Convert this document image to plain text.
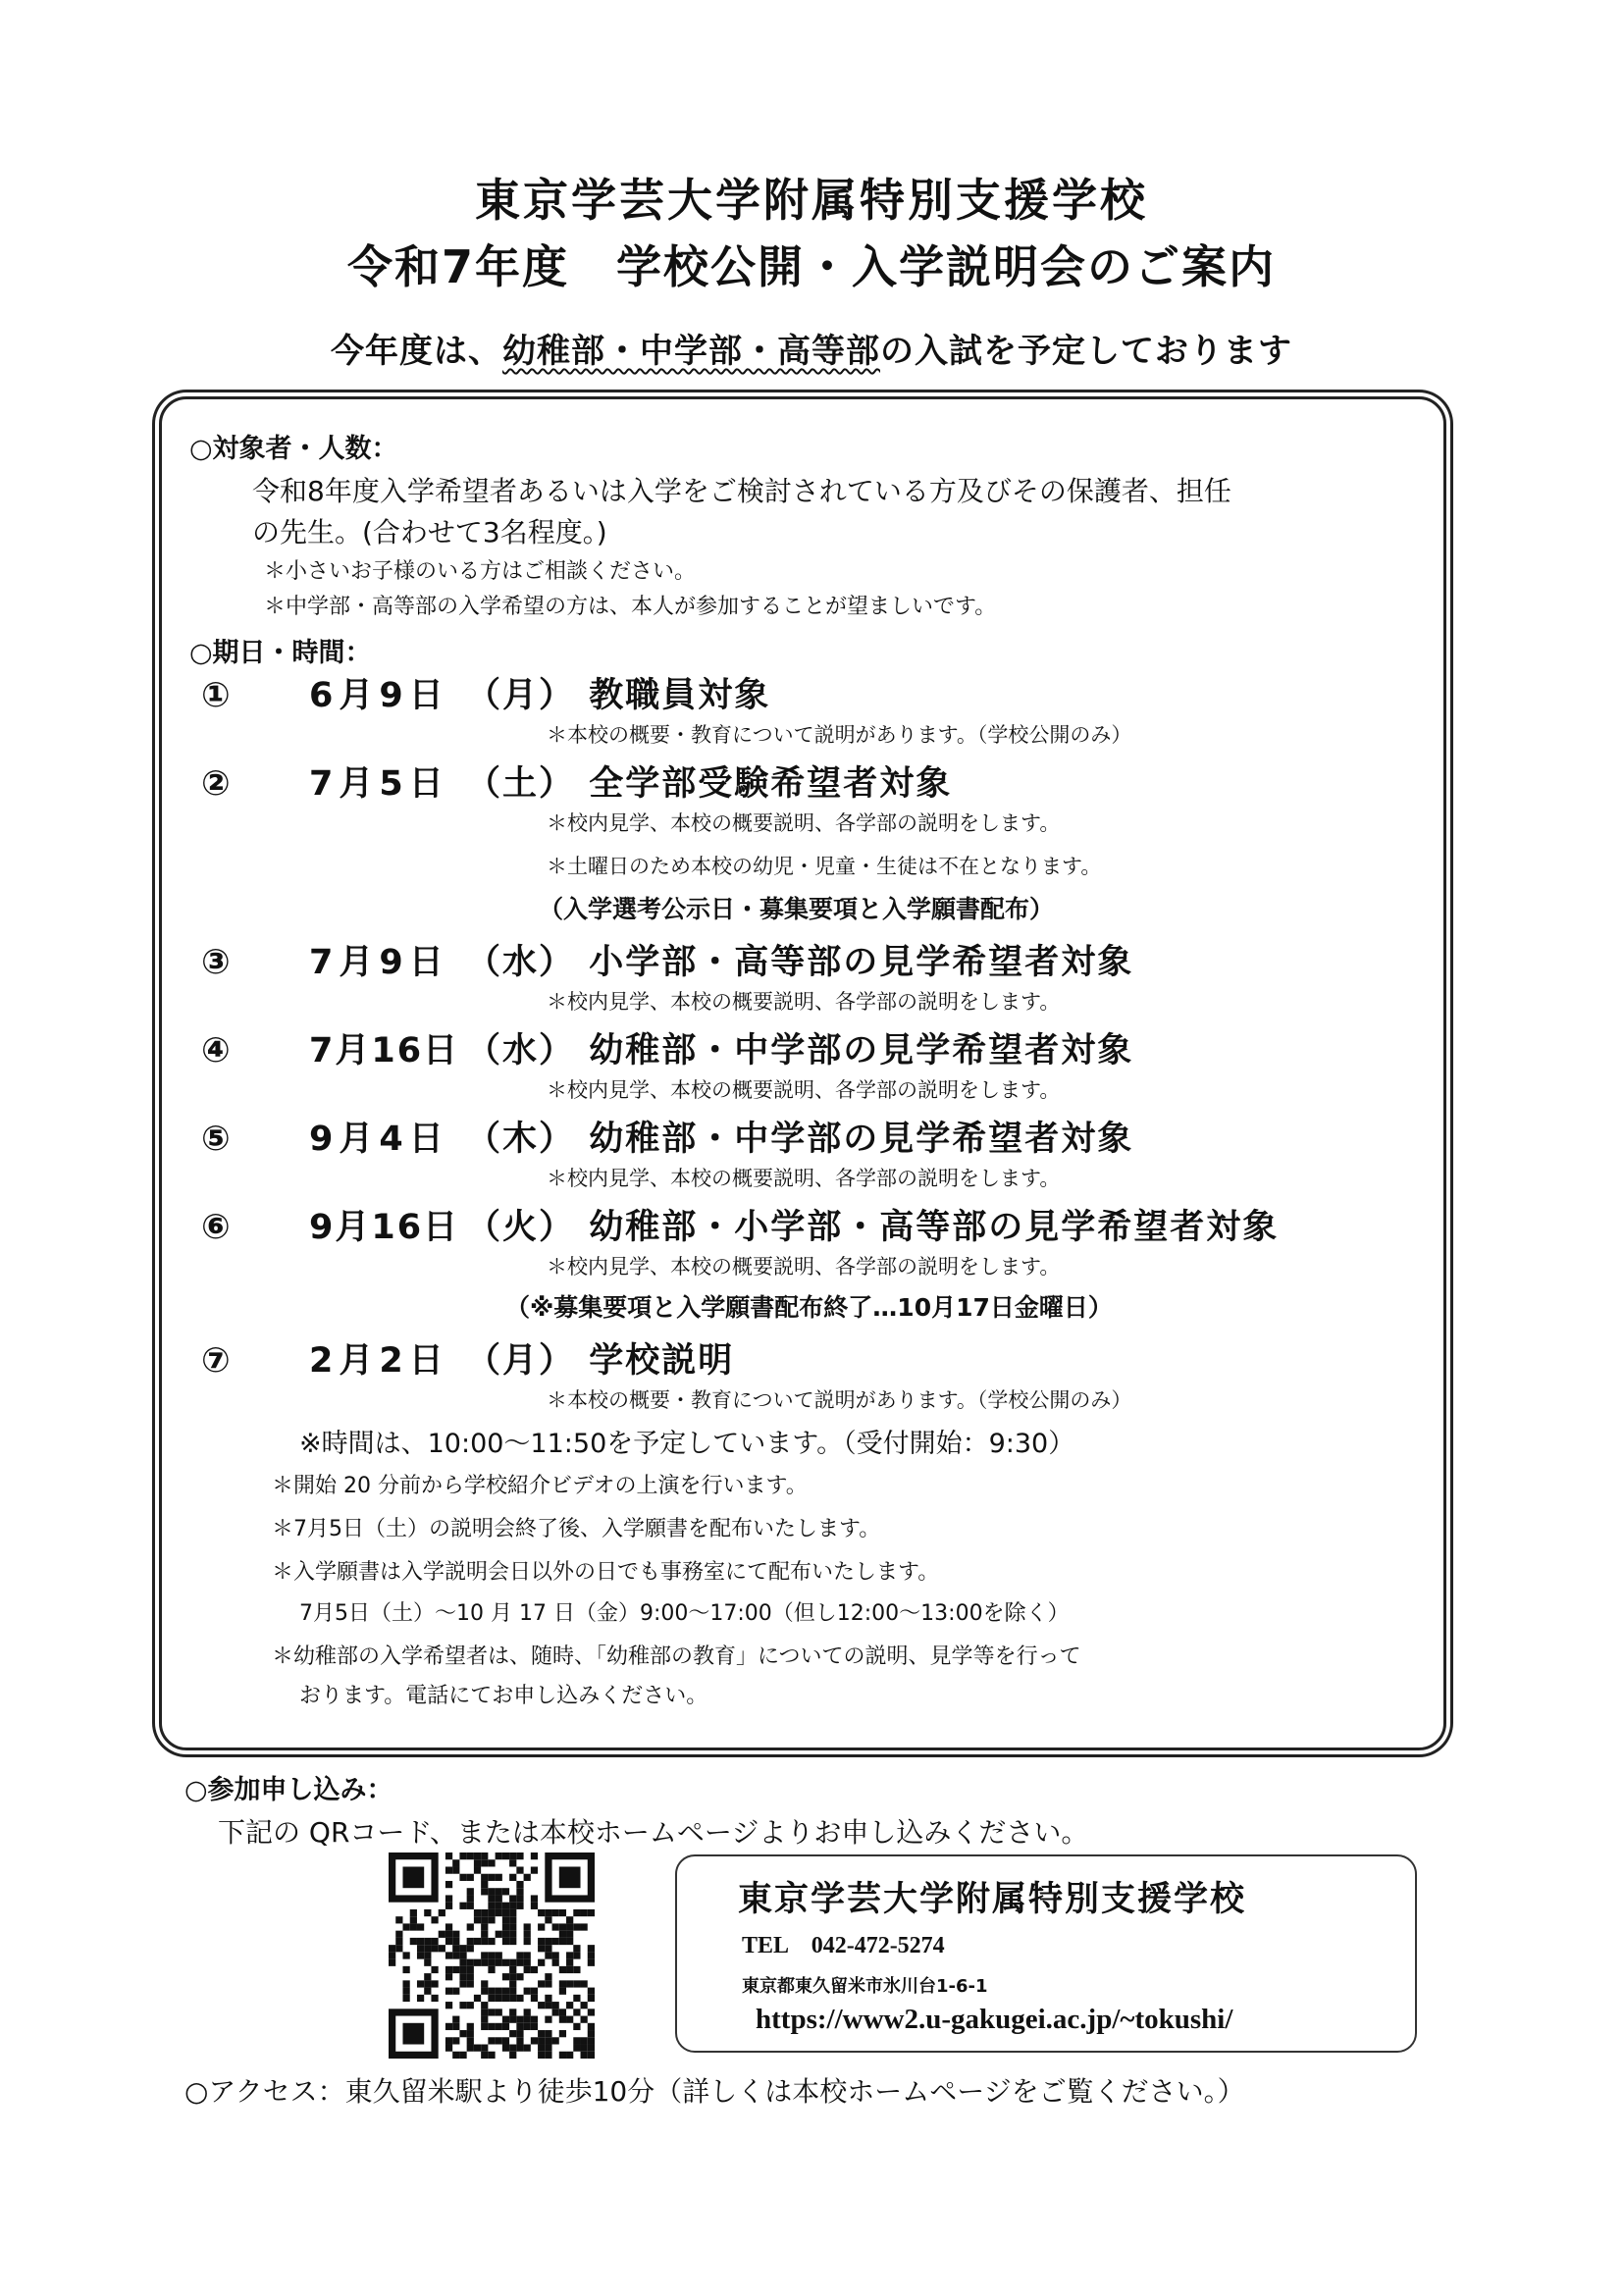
東京学芸大学附属特別支援学校
令和7年度　学校公開・入学説明会のご案内
今年度は、幼稚部・中学部・高等部の入試を予定しております
○対象者・人数：
令和8年度入学希望者あるいは入学をご検討されている方及びその保護者、担任
の先生。(合わせて3名程度。)
＊小さいお子様のいる方はご相談ください。
＊中学部・高等部の入学希望の方は、本人が参加することが望ましいです。
○期日・時間：
① 6月9日 （月） 教職員対象
＊本校の概要・教育について説明があります。（学校公開のみ）
② 7月5日 （土） 全学部受験希望者対象
＊校内見学、本校の概要説明、各学部の説明をします。
＊土曜日のため本校の幼児・児童・生徒は不在となります。
（入学選考公示日・募集要項と入学願書配布）
③ 7月9日 （水） 小学部・高等部の見学希望者対象
＊校内見学、本校の概要説明、各学部の説明をします。
④ 7月16日 （水） 幼稚部・中学部の見学希望者対象
＊校内見学、本校の概要説明、各学部の説明をします。
⑤ 9月4日 （木） 幼稚部・中学部の見学希望者対象
＊校内見学、本校の概要説明、各学部の説明をします。
⑥ 9月16日 （火） 幼稚部・小学部・高等部の見学希望者対象
＊校内見学、本校の概要説明、各学部の説明をします。
（※募集要項と入学願書配布終了…10月17日金曜日）
⑦ 2月2日 （月） 学校説明
＊本校の概要・教育について説明があります。（学校公開のみ）
※時間は、10:00～11:50を予定しています。（受付開始：9:30）
＊開始 20 分前から学校紹介ビデオの上演を行います。
＊7月5日（土）の説明会終了後、入学願書を配布いたします。
＊入学願書は入学説明会日以外の日でも事務室にて配布いたします。
7月5日（土）～10 月 17 日（金）9:00～17:00（但し12:00～13:00を除く）
＊幼稚部の入学希望者は、随時、「幼稚部の教育」についての説明、見学等を行って
おります。電話にてお申し込みください。
○参加申し込み：
下記の QRコード、または本校ホームページよりお申し込みください。
東京学芸大学附属特別支援学校
TEL　042-472-5274
東京都東久留米市氷川台1-6-1
https://www2.u-gakugei.ac.jp/~tokushi/
○アクセス：東久留米駅より徒歩10分（詳しくは本校ホームページをご覧ください。）
